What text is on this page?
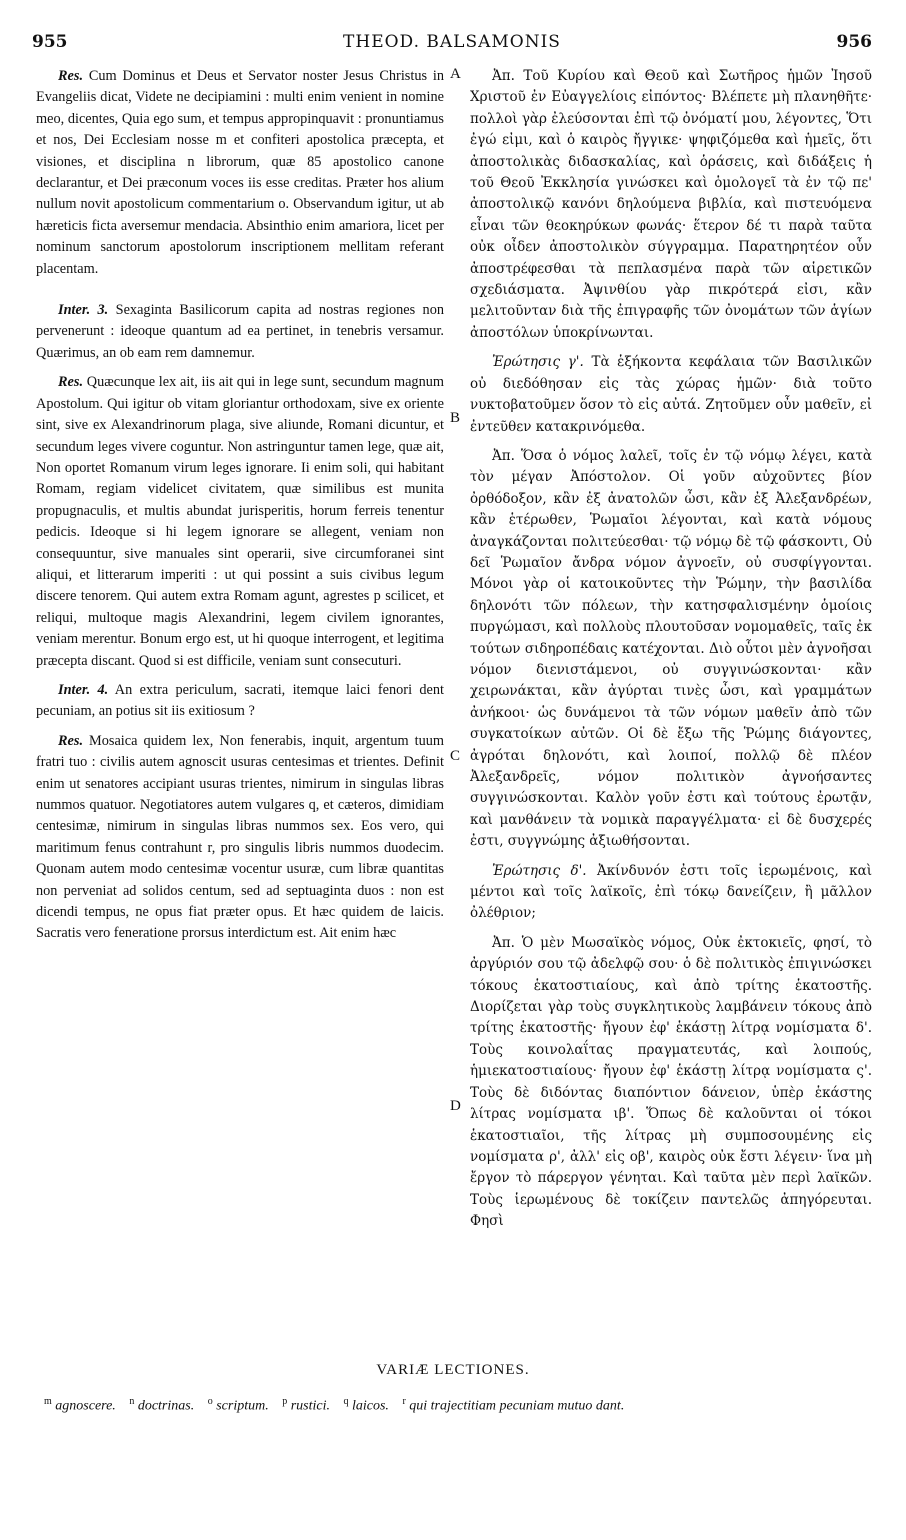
955	THEOD. BALSAMONIS	956
A
B
C
D

Res. Cum Dominus et Deus et Servator noster Jesus Christus in Evangeliis dicat, Videte ne decipiamini : multi enim venient in nomine meo, dicentes, Quia ego sum, et tempus appropinquavit : pronuntiamus et nos, Dei Ecclesiam nosse m et confiteri apostolica præcepta, et visiones, et disciplina n librorum, quæ 85 apostolico canone declarantur, et Dei præconum voces iis esse creditas. Præter hos alium nullum novit apostolicum commentarium o. Observandum igitur, ut ab hæreticis ficta aversemur mendacia. Absinthio enim amariora, licet per nominum sanctorum apostolorum inscriptionem mellitam referant placentam.

Inter. 3. Sexaginta Basilicorum capita ad nostras regiones non pervenerunt : ideoque quantum ad ea pertinet, in tenebris versamur. Quærimus, an ob eam rem damnemur.

Res. Quæcunque lex ait, iis ait qui in lege sunt, secundum magnum Apostolum. Qui igitur ob vitam gloriantur orthodoxam, sive ex oriente sint, sive ex Alexandrinorum plaga, sive aliunde, Romani dicuntur, et secundum leges vivere coguntur. Non astringuntur tamen lege, quæ ait, Non oportet Romanum virum leges ignorare. Ii enim soli, qui habitant Romam, regiam videlicet civitatem, quæ similibus est munita propugnaculis, et multis abundat jurisperitis, horum ferreis tenentur pedicis. Ideoque si hi legem ignorare se allegent, veniam non consequuntur, sive manuales sint operarii, sive circumforanei sint aliqui, et litterarum imperiti : ut qui possint a suis civibus legum discere tenorem. Qui autem extra Romam agunt, agrestes p scilicet, et reliqui, multoque magis Alexandrini, legem civilem ignorantes, veniam merentur. Bonum ergo est, ut hi quoque interrogent, et legitima præcepta discant. Quod si est difficile, veniam sunt consecuturi.

Inter. 4. An extra periculum, sacrati, itemque laici fenori dent pecuniam, an potius sit iis exitiosum ?

Res. Mosaica quidem lex, Non fenerabis, inquit, argentum tuum fratri tuo : civilis autem agnoscit usuras centesimas et trientes. Definit enim ut senatores accipiant usuras trientes, nimirum in singulas libras nummos quatuor. Negotiatores autem vulgares q, et cæteros, dimidiam centesimæ, nimirum in singulas libras nummos sex. Eos vero, qui maritimum fenus contrahunt r, pro singulis libris nummos duodecim. Quonam autem modo centesimæ vocentur usuræ, cum libræ quantitas non perveniat ad solidos centum, sed ad septuaginta duos : non est dicendi tempus, ne opus fiat præter opus. Et hæc quidem de laicis. Sacratis vero feneratione prorsus interdictum est. Ait enim hæc

Ἀπ. Τοῦ Κυρίου καὶ Θεοῦ καὶ Σωτῆρος ἡμῶν Ἰησοῦ Χριστοῦ ἐν Εὐαγγελίοις εἰπόντος· Βλέπετε μὴ πλανηθῆτε· πολλοὶ γὰρ ἐλεύσονται ἐπὶ τῷ ὀνόματί μου, λέγοντες, Ὅτι ἐγώ εἰμι, καὶ ὁ καιρὸς ἤγγικε· ψηφιζόμεθα καὶ ἡμεῖς, ὅτι ἀποστολικὰς διδασκαλίας, καὶ ὁράσεις, καὶ διδάξεις ἡ τοῦ Θεοῦ Ἐκκλησία γινώσκει καὶ ὁμολογεῖ τὰ ἐν τῷ πε' ἀποστολικῷ κανόνι δηλούμενα βιβλία, καὶ πιστευόμενα εἶναι τῶν θεοκηρύκων φωνάς· ἕτερον δέ τι παρὰ ταῦτα οὐκ οἶδεν ἀποστολικὸν σύγγραμμα. Παρατηρητέον οὖν ἀποστρέφεσθαι τὰ πεπλασμένα παρὰ τῶν αἱρετικῶν σχεδιάσματα. Ἀψινθίου γὰρ πικρότερά εἰσι, κἂν μελιτοῦνταν διὰ τῆς ἐπιγραφῆς τῶν ὀνομάτων τῶν ἁγίων ἀποστόλων ὑποκρίνωνται.

Ἐρώτησις γ'. Τὰ ἑξήκοντα κεφάλαια τῶν Βασιλικῶν οὐ διεδόθησαν εἰς τὰς χώρας ἡμῶν· διὰ τοῦτο νυκτοβατοῦμεν ὅσον τὸ εἰς αὐτά. Ζητοῦμεν οὖν μαθεῖν, εἰ ἐντεῦθεν κατακρινόμεθα.

Ἀπ. Ὅσα ὁ νόμος λαλεῖ, τοῖς ἐν τῷ νόμῳ λέγει, κατὰ τὸν μέγαν Ἀπόστολον. Οἱ γοῦν αὐχοῦντες βίον ὀρθόδοξον, κἂν ἐξ ἀνατολῶν ὦσι, κἂν ἐξ Ἀλεξανδρέων, κἂν ἑτέρωθεν, Ῥωμαῖοι λέγονται, καὶ κατὰ νόμους ἀναγκάζονται πολιτεύεσθαι· τῷ νόμῳ δὲ τῷ φάσκοντι, Οὐ δεῖ Ῥωμαῖον ἄνδρα νόμον ἀγνοεῖν, οὐ συσφίγγονται. Μόνοι γὰρ οἱ κατοικοῦντες τὴν Ῥώμην, τὴν βασιλίδα δηλονότι τῶν πόλεων, τὴν κατησφαλισμένην ὁμοίοις πυργώμασι, καὶ πολλοὺς πλουτοῦσαν νομομαθεῖς, ταῖς ἐκ τούτων σιδηροπέδαις κατέχονται. Διὸ οὗτοι μὲν ἀγνοῆσαι νόμον διενιστάμενοι, οὐ συγγινώσκονται· κἂν χειρωνάκται, κἂν ἀγύρται τινὲς ὦσι, καὶ γραμμάτων ἀνήκοοι· ὡς δυνάμενοι τὰ τῶν νόμων μαθεῖν ἀπὸ τῶν συγκατοίκων αὐτῶν. Οἱ δὲ ἔξω τῆς Ῥώμης διάγοντες, ἀγρόται δηλονότι, καὶ λοιποί, πολλῷ δὲ πλέον Ἀλεξανδρεῖς, νόμον πολιτικὸν ἀγνοήσαντες συγγινώσκονται. Καλὸν γοῦν ἐστι καὶ τούτους ἐρωτᾷν, καὶ μανθάνειν τὰ νομικὰ παραγγέλματα· εἰ δὲ δυσχερές ἐστι, συγγνώμης ἀξιωθήσονται.

Ἐρώτησις δ'. Ἀκίνδυνόν ἐστι τοῖς ἱερωμένοις, καὶ μέντοι καὶ τοῖς λαϊκοῖς, ἐπὶ τόκῳ δανείζειν, ἢ μᾶλλον ὀλέθριον;

Ἀπ. Ὁ μὲν Μωσαϊκὸς νόμος, Οὐκ ἐκτοκιεῖς, φησί, τὸ ἀργύριόν σου τῷ ἀδελφῷ σου· ὁ δὲ πολιτικὸς ἐπιγινώσκει τόκους ἑκατοστιαίους, καὶ ἀπὸ τρίτης ἑκατοστῆς. Διορίζεται γὰρ τοὺς συγκλητικοὺς λαμβάνειν τόκους ἀπὸ τρίτης ἑκατοστῆς· ἤγουν ἐφ' ἑκάστῃ λίτρᾳ νομίσματα δ'. Τοὺς κοινολαΐτας πραγματευτάς, καὶ λοιπούς, ἡμιεκατοστιαίους· ἤγουν ἐφ' ἑκάστῃ λίτρᾳ νομίσματα ς'. Τοὺς δὲ διδόντας διαπόντιον δάνειον, ὑπὲρ ἑκάστης λίτρας νομίσματα ιβ'. Ὅπως δὲ καλοῦνται οἱ τόκοι ἑκατοστιαῖοι, τῆς λίτρας μὴ συμποσουμένης εἰς νομίσματα ρ', ἀλλ' εἰς οβ', καιρὸς οὐκ ἔστι λέγειν· ἵνα μὴ ἔργον τὸ πάρεργον γένηται. Καὶ ταῦτα μὲν περὶ λαϊκῶν. Τοὺς ἱερωμένους δὲ τοκίζειν παντελῶς ἀπηγόρευται. Φησὶ

VARIÆ LECTIONES.
$^m$ agnoscere. $^n$ doctrinas. $^o$ scriptum. $^p$ rustici. $^q$ laicos. $^r$ qui trajectitiam pecuniam mutuo dant.
